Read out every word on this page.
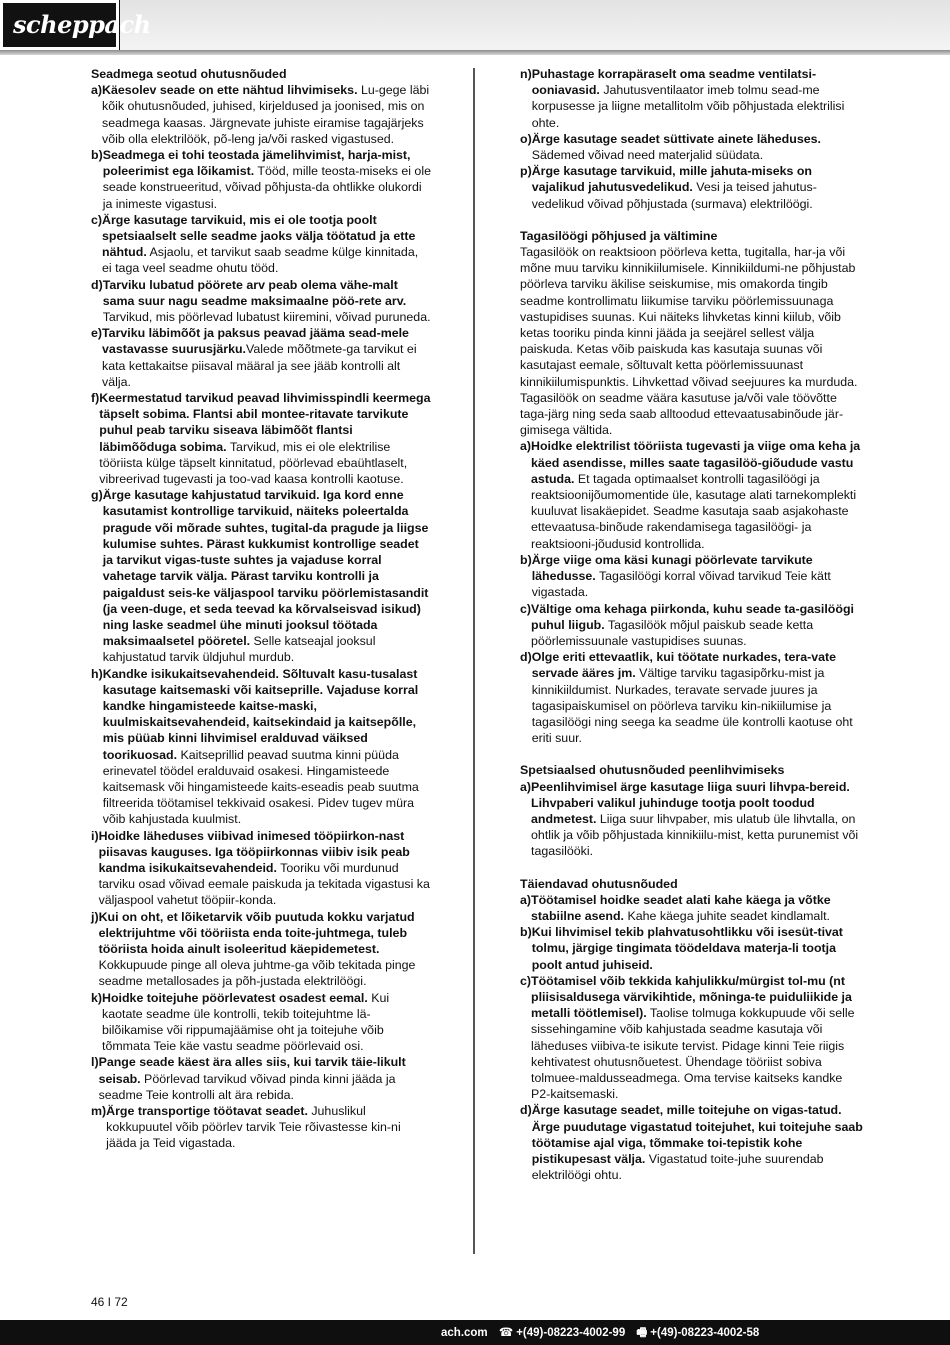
scheppach
Seadmega seotud ohutusnõuded
a) Käesolev seade on ette nähtud lihvimiseks. Lu-gege läbi kõik ohutusnõuded, juhised, kirjeldused ja joonised, mis on seadmega kaasas. Järgnevate juhiste eiramise tagajärjeks võib olla elektrilöök, põ-leng ja/või rasked vigastused.
b) Seadmega ei tohi teostada jämelihvimist, harja-mist, poleerimist ega lõikamist. Tööd, mille teosta-miseks ei ole seade konstrueeritud, võivad põhjusta-da ohtlikke olukordi ja inimeste vigastusi.
c) Ärge kasutage tarvikuid, mis ei ole tootja poolt spetsiaalselt selle seadme jaoks välja töötatud ja ette nähtud. Asjaolu, et tarvikut saab seadme külge kinnitada, ei taga veel seadme ohutu tööd.
d) Tarviku lubatud pöörete arv peab olema vähe-malt sama suur nagu seadme maksimaalne pöö-rete arv. Tarvikud, mis pöörlevad lubatust kiiremini, võivad puruneda.
e) Tarviku läbimõõt ja paksus peavad jääma sead-mele vastavasse suurusjärku.Valede mõõtmete-ga tarvikut ei kata kettakaitse piisaval määral ja see jääb kontrolli alt välja.
f) Keermestatud tarvikud peavad lihvimisspindli keermega täpselt sobima. Flantsi abil montee-ritavate tarvikute puhul peab tarviku siseava läbimõõt flantsi läbimõõduga sobima. Tarvikud, mis ei ole elektrilise tööriista külge täpselt kinnitatud, pöörlevad ebaühtlaselt, vibreerivad tugevasti ja too-vad kaasa kontrolli kaotuse.
g) Ärge kasutage kahjustatud tarvikuid. Iga kord enne kasutamist kontrollige tarvikuid, näiteks poleertalda pragude või mõrade suhtes, tugital-da pragude ja liigse kulumise suhtes. Pärast kukkumist kontrollige seadet ja tarvikut vigas-tuste suhtes ja vajaduse korral vahetage tarvik välja. Pärast tarviku kontrolli ja paigaldust seis-ke väljaspool tarviku pöörlemistasandit (ja veen-duge, et seda teevad ka kõrvalseisvad isikud) ning laske seadmel ühe minuti jooksul töötada maksimaalsetel pööretel. Selle katseajal jooksul kahjustatud tarvik üldjuhul murdub.
h) Kandke isikukaitsevahendeid. Sõltuvalt kasu-tusalast kasutage kaitsemaski või kaitseprille. Vajaduse korral kandke hingamisteede kaitse-maski, kuulmiskaitsevahendeid, kaitsekindaid ja kaitsepõlle, mis püüab kinni lihvimisel eralduvad väiksed toorikuosad. Kaitseprillid peavad suutma kinni püüda erinevatel töödel eralduvaid osakesi. Hingamisteede kaitsemask või hingamisteede kaits-eseadis peab suutma filtreerida töötamisel tekkivaid osakesi. Pidev tugev müra võib kahjustada kuulmist.
i) Hoidke läheduses viibivad inimesed tööpiirkon-nast piisavas kauguses. Iga tööpiirkonnas viibiv isik peab kandma isikukaitsevahendeid. Tooriku või murdunud tarviku osad võivad eemale paiskuda ja tekitada vigastusi ka väljaspool vahetut tööpiir-konda.
j) Kui on oht, et lõiketarvik võib puutuda kokku varjatud elektrijuhtme või tööriista enda toite-juhtmega, tuleb tööriista hoida ainult isoleeritud käepidemetest. Kokkupuude pinge all oleva juhtme-ga võib tekitada pinge seadme metallosades ja põh-justada elektrilöögi.
k) Hoidke toitejuhe pöörlevatest osadest eemal. Kui kaotate seadme üle kontrolli, tekib toitejuhtme lä-bilõikamise või rippumajäämise oht ja toitejuhe võib tõmmata Teie käe vastu seadme pöörlevaid osi.
l) Pange seade käest ära alles siis, kui tarvik täie-likult seisab. Pöörlevad tarvikud võivad pinda kinni jääda ja seadme Teie kontrolli alt ära rebida.
m) Ärge transportige töötavat seadet. Juhuslikul kokkupuutel võib pöörlev tarvik Teie rõivastesse kin-ni jääda ja Teid vigastada.
n) Puhastage korrapäraselt oma seadme ventilatsi-ooniavasid. Jahutusventilaator imeb tolmu sead-me korpusesse ja liigne metallitolm võib põhjustada elektrilisi ohte.
o) Ärge kasutage seadet süttivate ainete läheduses. Sädemed võivad need materjalid süüdata.
p) Ärge kasutage tarvikuid, mille jahuta-miseks on vajalikud jahutusvedelikud. Vesi ja teised jahutus-vedelikud võivad põhjustada (surmava) elektrilöögi.
Tagasilöögi põhjused ja vältimine
Tagasilöök on reaktsioon pöörleva ketta, tugitalla, har-ja või mõne muu tarviku kinnikiilumisele. Kinnikiildumi-ne põhjustab pöörleva tarviku äkilise seiskumise, mis omakorda tingib seadme kontrollimatu liikumise tarviku pöörlemissuunaga vastupidises suunas. Kui näiteks lihvketas kinni kiilub, võib ketas tooriku pinda kinni jääda ja seejärel sellest välja paiskuda. Ketas võib paiskuda kas kasutaja suunas või kasutajast eemale, sõltuvalt ketta pöörlemissuunast kinnikiilumispunktis. Lihvkettad võivad seejuures ka murduda. Tagasilöök on seadme väära kasutuse ja/või vale töövõtte taga-järg ning seda saab alltoodud ettevaatusabinõude jär-gimisega vältida.
a) Hoidke elektrilist tööriista tugevasti ja viige oma keha ja käed asendisse, milles saate tagasilöö-giõudude vastu astuda. Et tagada optimaalset kontrolli tagasilöögi ja reaktsioonijõumomentide üle, kasutage alati tarnekomplekti kuuluvat lisakäepidet. Seadme kasutaja saab asjakohaste ettevaatusa-binõude rakendamisega tagasilöögi- ja reaktsiooni-jõudusid kontrollida.
b) Ärge viige oma käsi kunagi pöörlevate tarvikute lähedusse. Tagasilöögi korral võivad tarvikud Teie kätt vigastada.
c) Vältige oma kehaga piirkonda, kuhu seade ta-gasilöögi puhul liigub. Tagasilöök mõjul paiskub seade ketta pöörlemissuunale vastupidises suunas.
d) Olge eriti ettevaatlik, kui töötate nurkades, tera-vate servade ääres jm. Vältige tarviku tagasipõrku-mist ja kinnikiildumist. Nurkades, teravate servade juures ja tagasipaiskumisel on pöörleva tarviku kin-nikiilumise ja tagasilöögi ning seega ka seadme üle kontrolli kaotuse oht eriti suur.
Spetsiaalsed ohutusnõuded peenlihvimiseks
a) Peenlihvimisel ärge kasutage liiga suuri lihvpa-bereid. Lihvpaberi valikul juhinduge tootja poolt toodud andmetest. Liiga suur lihvpaber, mis ulatub üle lihvtalla, on ohtlik ja võib põhjustada kinnikiilu-mist, ketta purunemist või tagasilööki.
Täiendavad ohutusnõuded
a) Töötamisel hoidke seadet alati kahe käega ja võtke stabiilne asend. Kahe käega juhite seadet kindlamalt.
b) Kui lihvimisel tekib plahvatusohtlikku või isesüt-tivat tolmu, järgige tingimata töödeldava materja-li tootja poolt antud juhiseid.
c) Töötamisel võib tekkida kahjulikku/mürgist tol-mu (nt pliisisaldusega värvikihtide, mõninga-te puiduliikide ja metalli töötlemisel). Taolise tolmuga kokkupuude või selle sissehingamine võib kahjustada seadme kasutaja või läheduses viibiva-te isikute tervist. Pidage kinni Teie riigis kehtivatest ohutusnõuetest. Ühendage tööriist sobiva tolmuee-maldusseadmega. Oma tervise kaitseks kandke P2-kaitsemaski.
d) Ärge kasutage seadet, mille toitejuhe on vigas-tatud. Ärge puudutage vigastatud toitejuhet, kui toitejuhe saab töötamise ajal viga, tõmmake toi-tepistik kohe pistikupesast välja. Vigastatud toite-juhe suurendab elektrilöögi ohtu.
46 I 72
ach.com ☎ +(49)-08223-4002-99 🖷 +(49)-08223-4002-58
